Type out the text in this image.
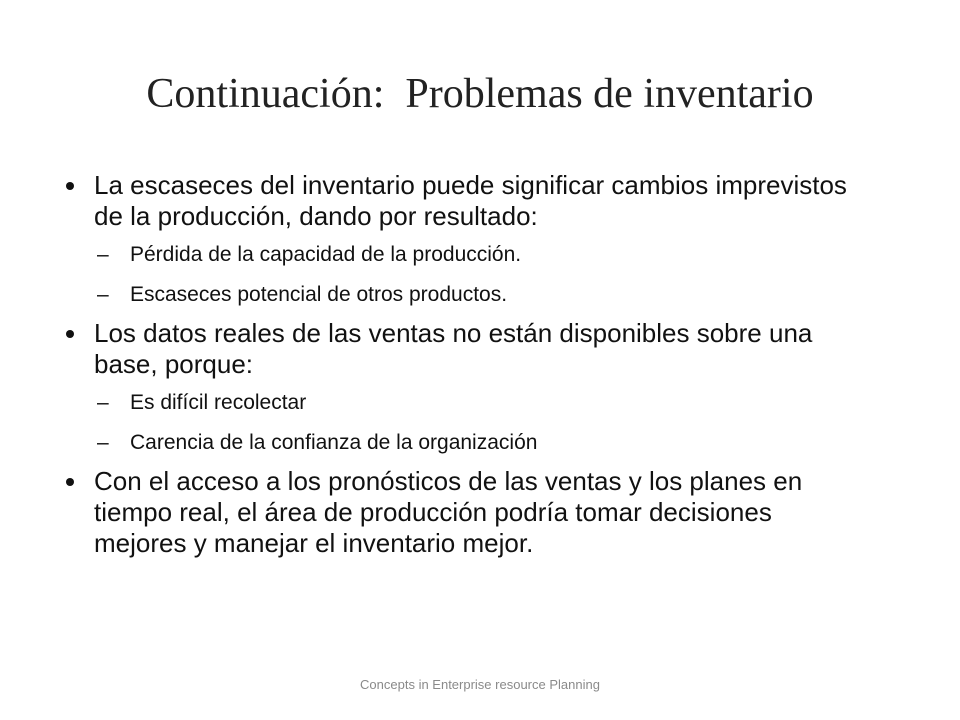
Continuación:  Problemas de inventario
La escaseces del inventario puede significar cambios imprevistos de la producción, dando por resultado:
– Pérdida de la capacidad de la producción.
– Escaseces potencial de otros productos.
Los datos reales de las ventas no están disponibles sobre una base, porque:
– Es difícil recolectar
– Carencia de la confianza de la organización
Con el acceso a los pronósticos de las ventas y los planes en tiempo real, el área de producción podría tomar decisiones mejores y manejar el inventario mejor.
Concepts in Enterprise resource Planning
